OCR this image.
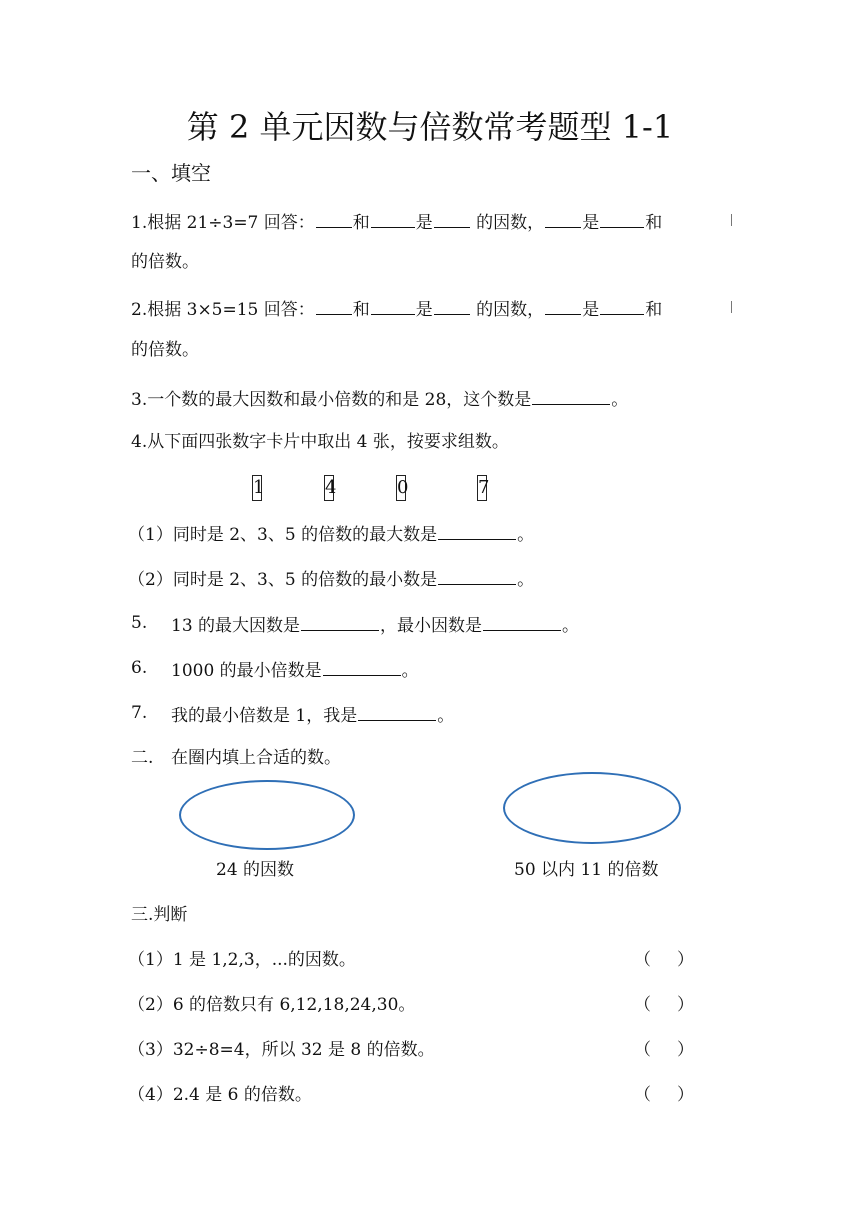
第 2 单元因数与倍数常考题型 1-1
一、填空
1.根据 21÷3=7 回答： 和	是 的因数， 是	和
的倍数。
2.根据 3×5=15 回答： 和	是 的因数， 是	和
的倍数。
3.一个数的最大因数和最小倍数的和是 28，这个数是	。
4.从下面四张数字卡片中取出 4 张，按要求组数。
1	4	0	7
（1）同时是 2、3、5 的倍数的最大数是	。
（2）同时是 2、3、5 的倍数的最小数是	。
5. 13 的最大因数是	，最小因数是	。
6. 1000 的最小倍数是	。
7. 我的最小倍数是 1，我是	。
二. 在圈内填上合适的数。
24 的因数	50 以内 11 的倍数
三.判断
（1）1 是 1,2,3，...的因数。	（ ）
（2）6 的倍数只有 6,12,18,24,30。	（ ）
（3）32÷8=4，所以 32 是 8 的倍数。	（ ）
（4）2.4 是 6 的倍数。	（ ）
